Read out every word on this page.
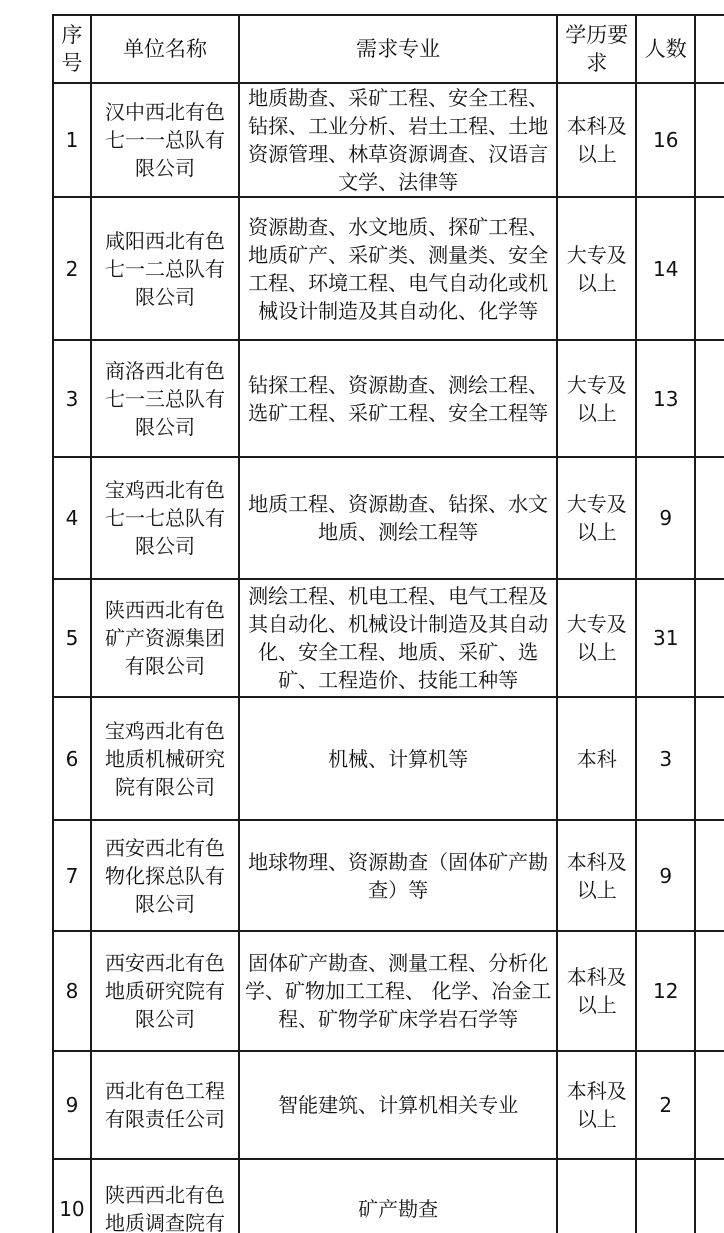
序号	单位名称	需求专业	学历要求	人数	
1	汉中西北有色七一一总队有限公司	地质勘查、采矿工程、安全工程、钻探、工业分析、岩土工程、土地资源管理、林草资源调查、汉语言文学、法律等	本科及以上	16	
2	咸阳西北有色七一二总队有限公司	资源勘查、水文地质、探矿工程、地质矿产、采矿类、测量类、安全工程、环境工程、电气自动化或机械设计制造及其自动化、化学等	大专及以上	14	
3	商洛西北有色七一三总队有限公司	钻探工程、资源勘查、测绘工程、选矿工程、采矿工程、安全工程等	大专及以上	13	
4	宝鸡西北有色七一七总队有限公司	地质工程、资源勘查、钻探、水文地质、测绘工程等	大专及以上	9	
5	陕西西北有色矿产资源集团有限公司	测绘工程、机电工程、电气工程及其自动化、机械设计制造及其自动化、安全工程、地质、采矿、选矿、工程造价、技能工种等	大专及以上	31	
6	宝鸡西北有色地质机械研究院有限公司	机械、计算机等	本科	3	
7	西安西北有色物化探总队有限公司	地球物理、资源勘查（固体矿产勘查）等	本科及以上	9	
8	西安西北有色地质研究院有限公司	固体矿产勘查、测量工程、分析化学、矿物加工工程、 化学、冶金工程、矿物学矿床学岩石学等	本科及以上	12	
9	西北有色工程有限责任公司	智能建筑、计算机相关专业	本科及以上	2	
10	陕西西北有色地质调查院有	矿产勘查			
